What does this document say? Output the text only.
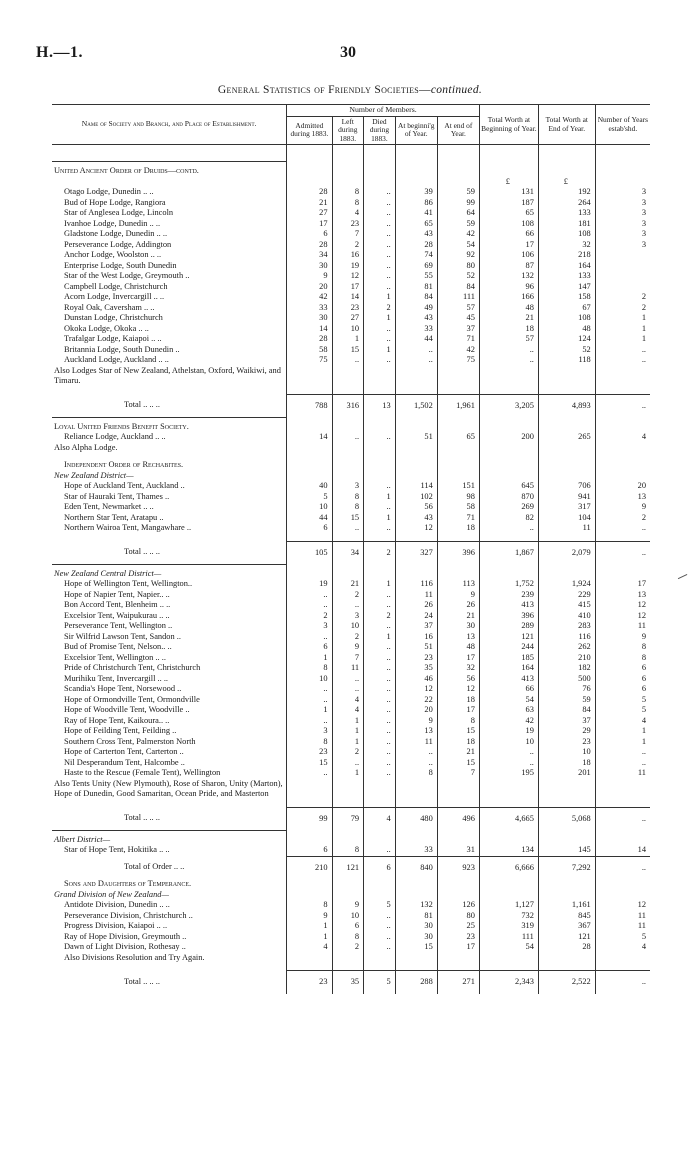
H.—1.	30
General Statistics of Friendly Societies—continued.
Name of Society and Branch, and Place of Establishment.	Number of Members.					Total Worth at Beginning of Year.	Total Worth at End of Year.	Number of Years estab'shd.
	Admitted during 1883.	Left during 1883.	Died during 1883.	At beginni'g of Year.	At end of Year.			

United Ancient Order of Druids—contd.								
						£	£	
Otago Lodge, Dunedin .. ..	28	8	..	39	59	131	192	3
Bud of Hope Lodge, Rangiora	21	8	..	86	99	187	264	3
Star of Anglesea Lodge, Lincoln	27	4	..	41	64	65	133	3
Ivanhoe Lodge, Dunedin .. ..	17	23	..	65	59	108	181	3
Gladstone Lodge, Dunedin .. ..	6	7	..	43	42	66	108	3
Perseverance Lodge, Addington	28	2	..	28	54	17	32	3
Anchor Lodge, Woolston .. ..	34	16	..	74	92	106	218	
Enterprise Lodge, South Dunedin	30	19	..	69	80	87	164	
Star of the West Lodge, Greymouth ..	9	12	..	55	52	132	133	
Campbell Lodge, Christchurch	20	17	..	81	84	96	147	
Acorn Lodge, Invercargill .. ..	42	14	1	84	111	166	158	2
Royal Oak, Caversham .. ..	33	23	2	49	57	48	67	2
Dunstan Lodge, Christchurch	30	27	1	43	45	21	108	1
Okoka Lodge, Okoka .. ..	14	10	..	33	37	18	48	1
Trafalgar Lodge, Kaiapoi .. ..	28	1	..	44	71	57	124	1
Britannia Lodge, South Dunedin ..	58	15	1	..	42	..	52	..
Auckland Lodge, Auckland .. ..	75	..	..	..	75	..	118	..
Also Lodges Star of New Zealand, Athelstan, Oxford, Waikiwi, and Timaru.								

Total .. .. ..	788	316	13	1,502	1,961	3,205	4,893	..
Loyal United Friends Benefit Society.								
Reliance Lodge, Auckland .. ..	14	..	..	51	65	200	265	4
Also Alpha Lodge.								

Independent Order of Rechabites.								
New Zealand District—								
Hope of Auckland Tent, Auckland ..	40	3	..	114	151	645	706	20
Star of Hauraki Tent, Thames ..	5	8	1	102	98	870	941	13
Eden Tent, Newmarket .. ..	10	8	..	56	58	269	317	9
Northern Star Tent, Aratapu ..	44	15	1	43	71	82	104	2
Northern Wairoa Tent, Mangawhare ..	6	..	..	12	18	..	11	..

Total .. .. ..	105	34	2	327	396	1,867	2,079	..
New Zealand Central District—								
Hope of Wellington Tent, Wellington..	19	21	1	116	113	1,752	1,924	17
Hope of Napier Tent, Napier.. ..	..	2	..	11	9	239	229	13
Bon Accord Tent, Blenheim .. ..	..	..	..	26	26	413	415	12
Excelsior Tent, Waipukurau .. ..	2	3	2	24	21	396	410	12
Perseverance Tent, Wellington ..	3	10	..	37	30	289	283	11
Sir Wilfrid Lawson Tent, Sandon ..	..	2	1	16	13	121	116	9
Bud of Promise Tent, Nelson.. ..	6	9	..	51	48	244	262	8
Excelsior Tent, Wellington .. ..	1	7	..	23	17	185	210	8
Pride of Christchurch Tent, Christchurch	8	11	..	35	32	164	182	6
Murihiku Tent, Invercargill .. ..	10	..	..	46	56	413	500	6
Scandia's Hope Tent, Norsewood ..	..	..	..	12	12	66	76	6
Hope of Ormondville Tent, Ormondville	..	4	..	22	18	54	59	5
Hope of Woodville Tent, Woodville ..	1	4	..	20	17	63	84	5
Ray of Hope Tent, Kaikoura.. ..	..	1	..	9	8	42	37	4
Hope of Feilding Tent, Feilding ..	3	1	..	13	15	19	29	1
Southern Cross Tent, Palmerston North	8	1	..	11	18	10	23	1
Hope of Carterton Tent, Carterton ..	23	2	..	..	21	..	10	..
Nil Desperandum Tent, Halcombe ..	15	..	..	..	15	..	18	..
Haste to the Rescue (Female Tent), Wellington	..	1	..	8	7	195	201	11
Also Tents Unity (New Plymouth), Rose of Sharon, Unity (Marton), Hope of Dunedin, Good Samaritan, Ocean Pride, and Masterton								

Total .. .. ..	99	79	4	480	496	4,665	5,068	..
Albert District—								
Star of Hope Tent, Hokitika .. ..	6	8	..	33	31	134	145	14
Total of Order .. ..	210	121	6	840	923	6,666	7,292	..
Sons and Daughters of Temperance.								
Grand Division of New Zealand—								
Antidote Division, Dunedin .. ..	8	9	5	132	126	1,127	1,161	12
Perseverance Division, Christchurch ..	9	10	..	81	80	732	845	11
Progress Division, Kaiapoi .. ..	1	6	..	30	25	319	367	11
Ray of Hope Division, Greymouth ..	1	8	..	30	23	111	121	5
Dawn of Light Division, Rothesay ..	4	2	..	15	17	54	28	4
Also Divisions Resolution and Try Again.								

Total .. .. ..	23	35	5	288	271	2,343	2,522	..
